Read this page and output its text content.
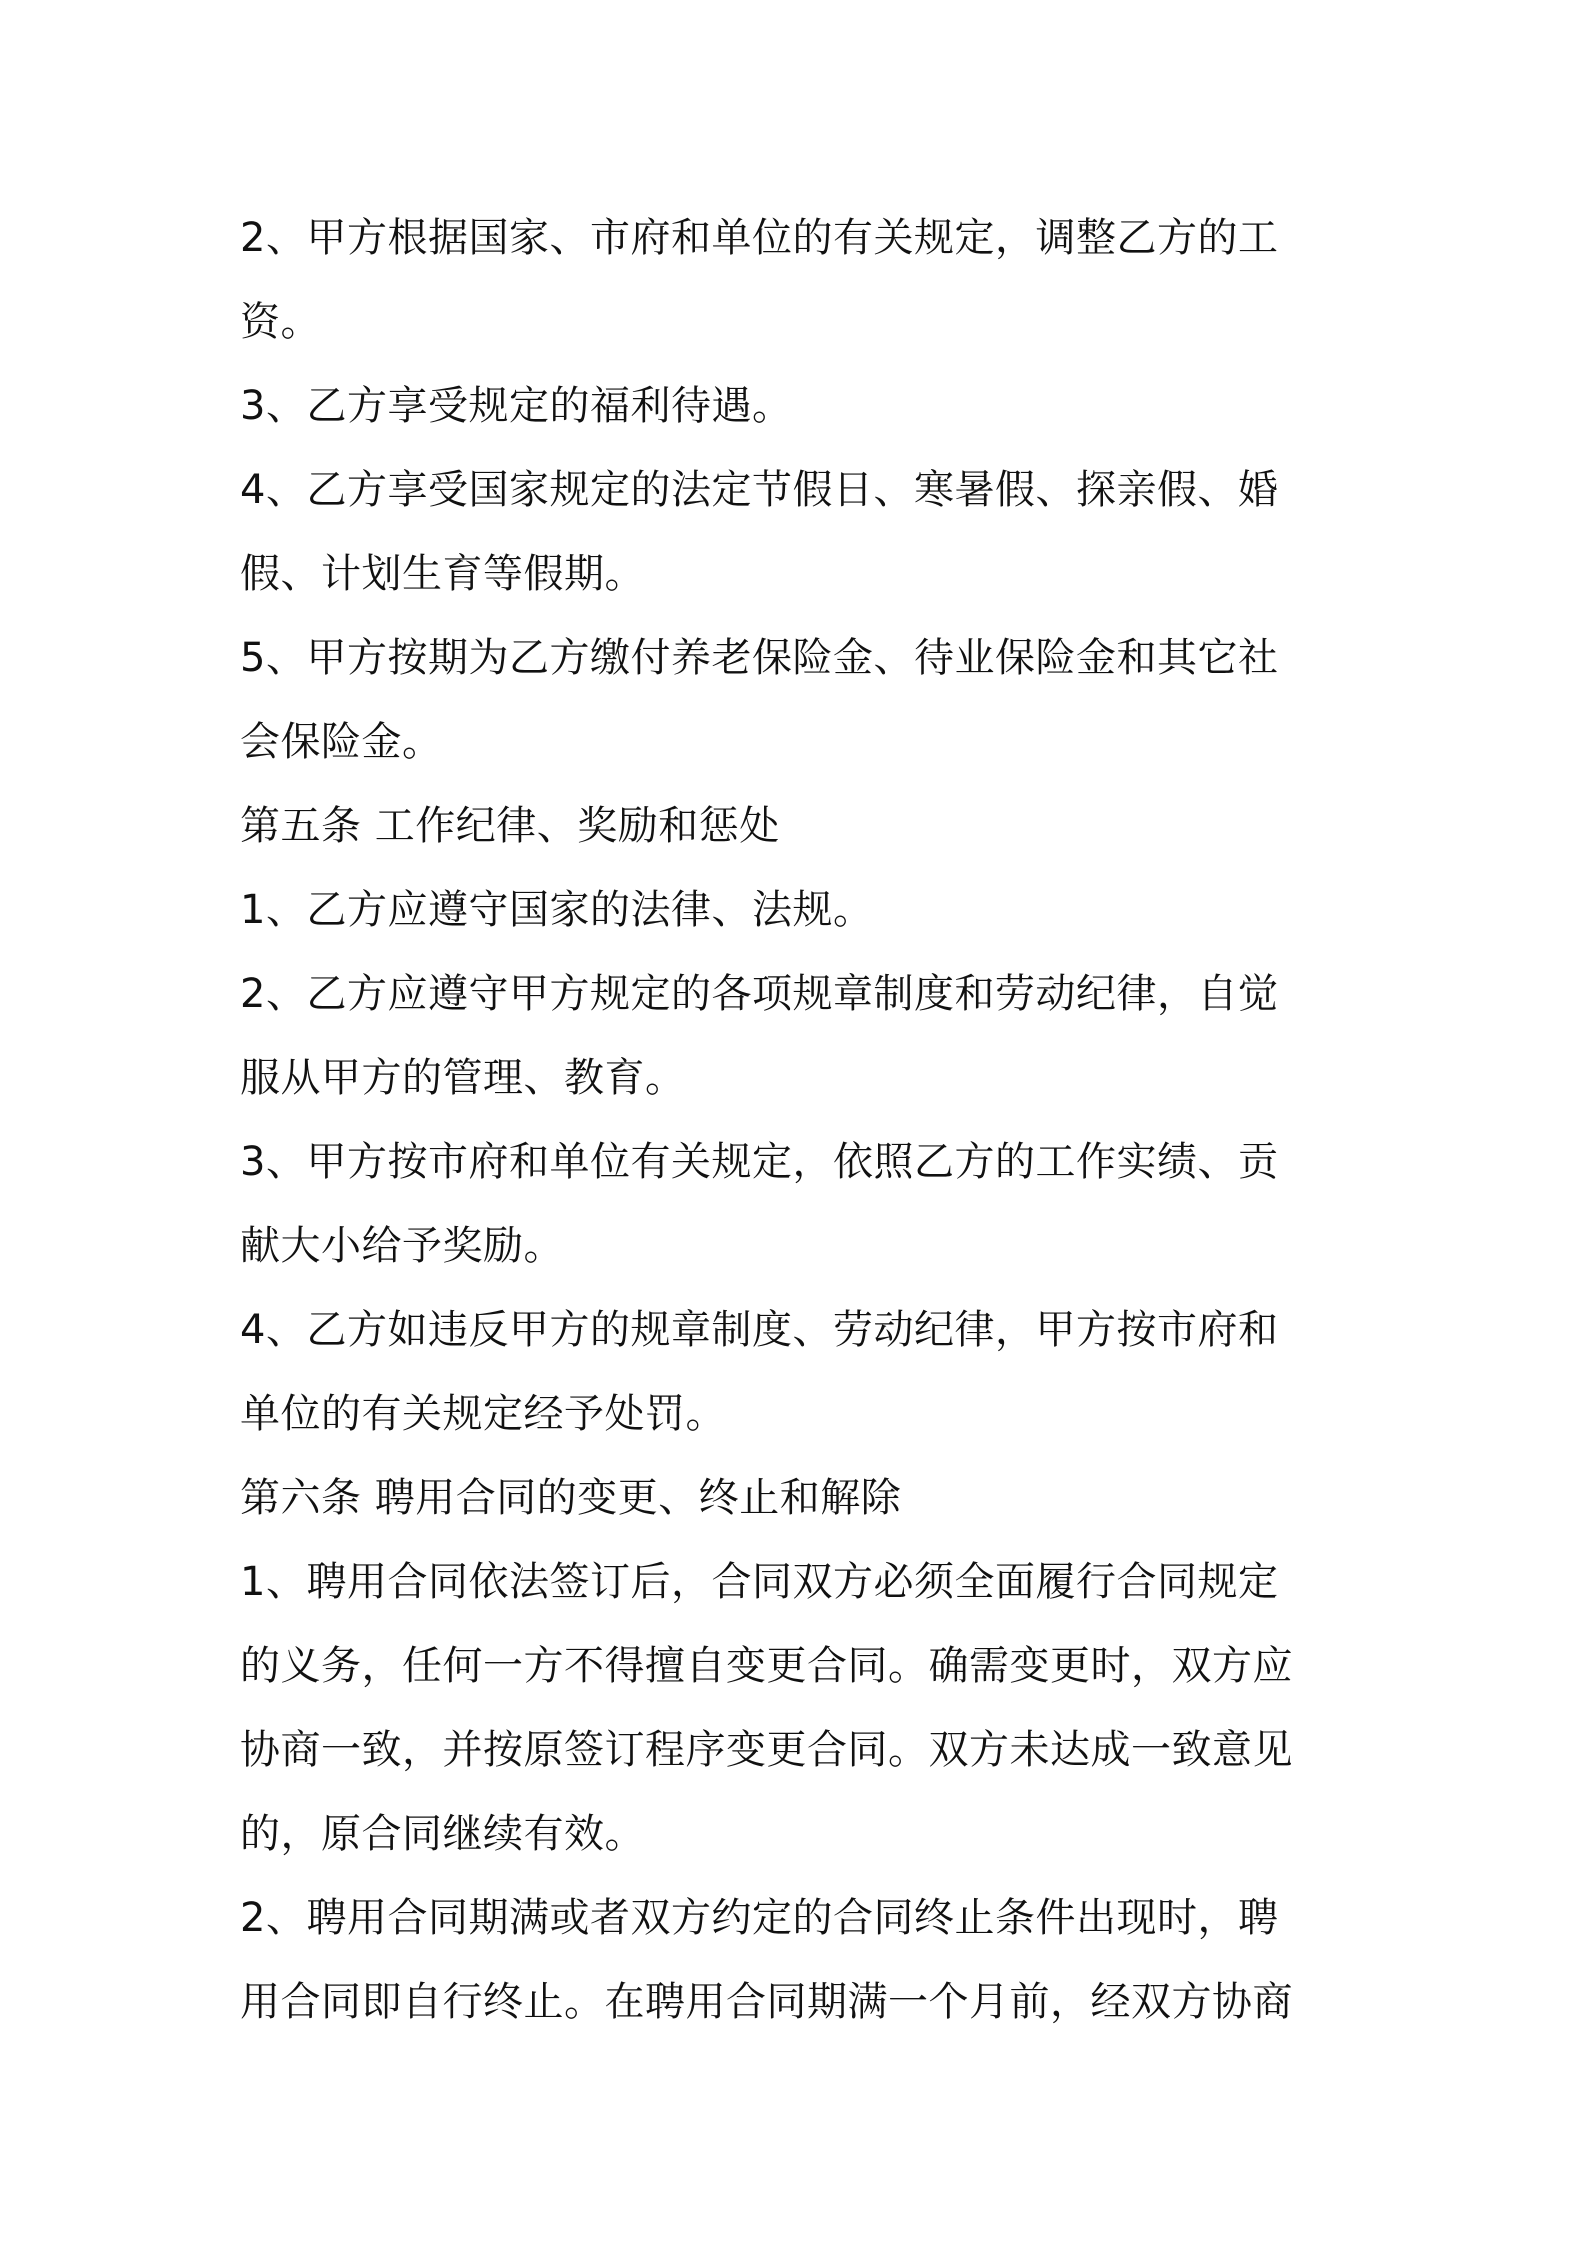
2、甲方根据国家、市府和单位的有关规定，调整乙方的工
资。
3、乙方享受规定的福利待遇。
4、乙方享受国家规定的法定节假日、寒暑假、探亲假、婚
假、计划生育等假期。
5、甲方按期为乙方缴付养老保险金、待业保险金和其它社
会保险金。
第五条 工作纪律、奖励和惩处
1、乙方应遵守国家的法律、法规。
2、乙方应遵守甲方规定的各项规章制度和劳动纪律，自觉
服从甲方的管理、教育。
3、甲方按市府和单位有关规定，依照乙方的工作实绩、贡
献大小给予奖励。
4、乙方如违反甲方的规章制度、劳动纪律，甲方按市府和
单位的有关规定经予处罚。
第六条 聘用合同的变更、终止和解除
1、聘用合同依法签订后，合同双方必须全面履行合同规定
的义务，任何一方不得擅自变更合同。确需变更时，双方应
协商一致，并按原签订程序变更合同。双方未达成一致意见
的，原合同继续有效。
2、聘用合同期满或者双方约定的合同终止条件出现时，聘
用合同即自行终止。在聘用合同期满一个月前，经双方协商
